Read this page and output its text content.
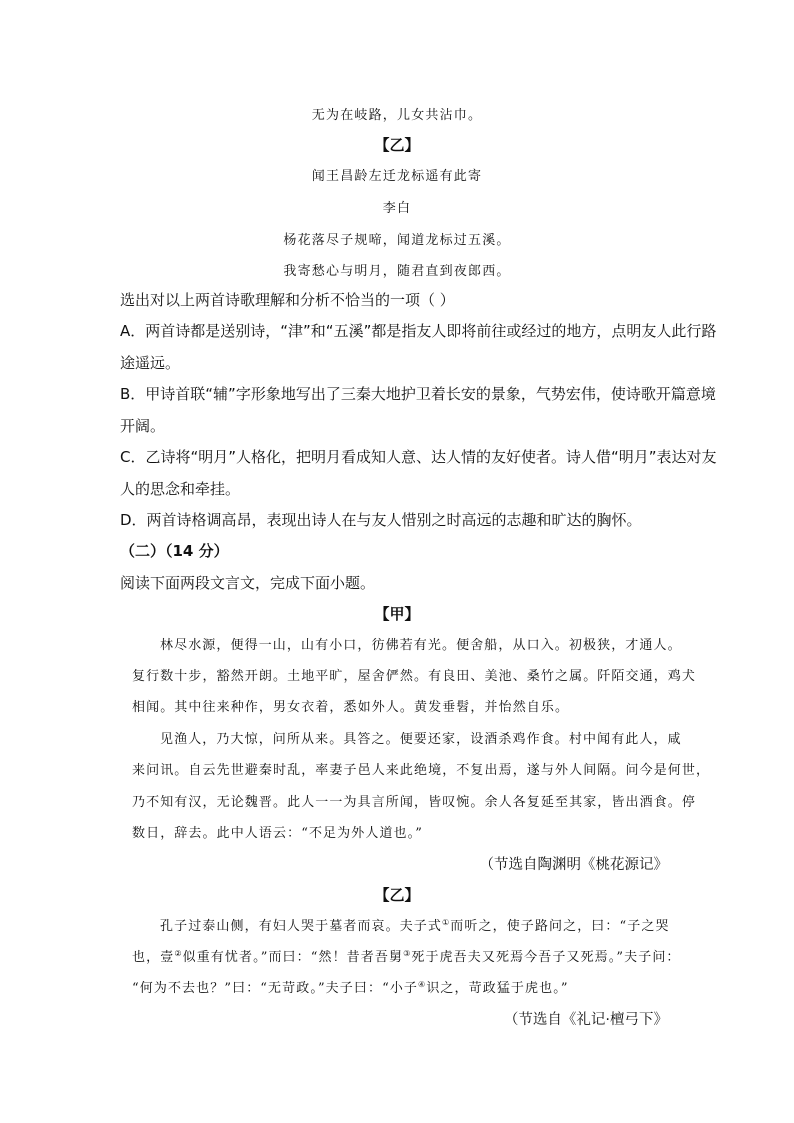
无为在岐路，儿女共沾巾。
【乙】
闻王昌龄左迁龙标遥有此寄
李白
杨花落尽子规啼，闻道龙标过五溪。
我寄愁心与明月，随君直到夜郎西。
选出对以上两首诗歌理解和分析不恰当的一项（ ）
A．两首诗都是送别诗，“津”和“五溪”都是指友人即将前往或经过的地方，点明友人此行路
途遥远。
B．甲诗首联“辅”字形象地写出了三秦大地护卫着长安的景象，气势宏伟，使诗歌开篇意境
开阔。
C．乙诗将“明月”人格化，把明月看成知人意、达人情的友好使者。诗人借“明月”表达对友
人的思念和牵挂。
D．两首诗格调高昂，表现出诗人在与友人惜别之时高远的志趣和旷达的胸怀。
（二）（14 分）
阅读下面两段文言文，完成下面小题。
【甲】
林尽水源，便得一山，山有小口，彷佛若有光。便舍船，从口入。初极狭，才通人。
复行数十步，豁然开朗。土地平旷，屋舍俨然。有良田、美池、桑竹之属。阡陌交通，鸡犬
相闻。其中往来种作，男女衣着，悉如外人。黄发垂髫，并怡然自乐。
见渔人，乃大惊，问所从来。具答之。便要还家，设酒杀鸡作食。村中闻有此人，咸
来问讯。自云先世避秦时乱，率妻子邑人来此绝境，不复出焉，遂与外人间隔。问今是何世，
乃不知有汉，无论魏晋。此人一一为具言所闻，皆叹惋。余人各复延至其家，皆出酒食。停
数日，辞去。此中人语云：“不足为外人道也。”
（节选自陶渊明《桃花源记》
【乙】
孔子过泰山侧，有妇人哭于墓者而哀。夫子式①而听之，使子路问之，曰：“子之哭
也，壹②似重有忧者。”而曰：“然！昔者吾舅③死于虎吾夫又死焉今吾子又死焉。”夫子问：
“何为不去也？”曰：“无苛政。”夫子曰：“小子④识之，苛政猛于虎也。”
（节选自《礼记·檀弓下》
